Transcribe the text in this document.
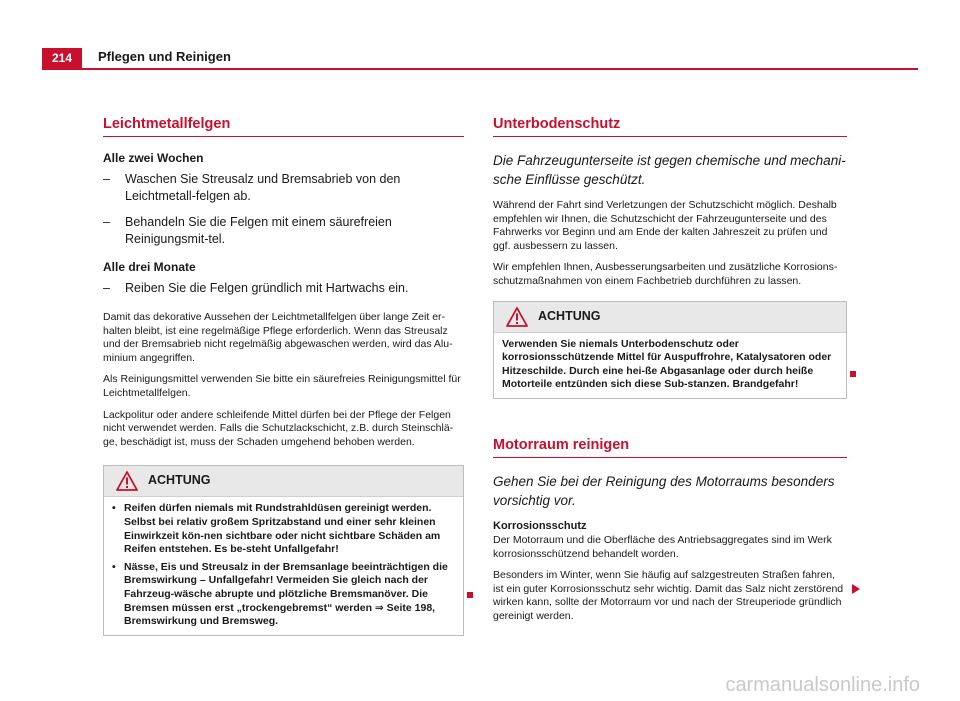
214	Pflegen und Reinigen
Leichtmetallfelgen
Alle zwei Wochen
– Waschen Sie Streusalz und Bremsabrieb von den Leichtmetall-felgen ab.
– Behandeln Sie die Felgen mit einem säurefreien Reinigungsmit-tel.
Alle drei Monate
– Reiben Sie die Felgen gründlich mit Hartwachs ein.
Damit das dekorative Aussehen der Leichtmetallfelgen über lange Zeit er-halten bleibt, ist eine regelmäßige Pflege erforderlich. Wenn das Streusalz und der Bremsabrieb nicht regelmäßig abgewaschen werden, wird das Alu-minium angegriffen.
Als Reinigungsmittel verwenden Sie bitte ein säurefreies Reinigungsmittel für Leichtmetallfelgen.
Lackpolitur oder andere schleifende Mittel dürfen bei der Pflege der Felgen nicht verwendet werden. Falls die Schutzlackschicht, z.B. durch Steinschlä-ge, beschädigt ist, muss der Schaden umgehend behoben werden.
ACHTUNG
• Reifen dürfen niemals mit Rundstrahldüsen gereinigt werden. Selbst bei relativ großem Spritzabstand und einer sehr kleinen Einwirkzeit kön-nen sichtbare oder nicht sichtbare Schäden am Reifen entstehen. Es be-steht Unfallgefahr!
• Nässe, Eis und Streusalz in der Bremsanlage beeinträchtigen die Bremswirkung – Unfallgefahr! Vermeiden Sie gleich nach der Fahrzeug-wäsche abrupte und plötzliche Bremsmanöver. Die Bremsen müssen erst „trockengebremst“ werden ⇒ Seite 198, Bremswirkung und Bremsweg.
Unterbodenschutz
Die Fahrzeugunterseite ist gegen chemische und mechani-sche Einflüsse geschützt.
Während der Fahrt sind Verletzungen der Schutzschicht möglich. Deshalb empfehlen wir Ihnen, die Schutzschicht der Fahrzeugunterseite und des Fahrwerks vor Beginn und am Ende der kalten Jahreszeit zu prüfen und ggf. ausbessern zu lassen.
Wir empfehlen Ihnen, Ausbesserungsarbeiten und zusätzliche Korrosions-schutzmaßnahmen von einem Fachbetrieb durchführen zu lassen.
ACHTUNG
Verwenden Sie niemals Unterbodenschutz oder korrosionsschützende Mittel für Auspuffrohre, Katalysatoren oder Hitzeschilde. Durch eine hei-ße Abgasanlage oder durch heiße Motorteile entzünden sich diese Sub-stanzen. Brandgefahr!
Motorraum reinigen
Gehen Sie bei der Reinigung des Motorraums besonders vorsichtig vor.
Korrosionsschutz
Der Motorraum und die Oberfläche des Antriebsaggregates sind im Werk korrosionsschützend behandelt worden.
Besonders im Winter, wenn Sie häufig auf salzgestreuten Straßen fahren, ist ein guter Korrosionsschutz sehr wichtig. Damit das Salz nicht zerstörend wirken kann, sollte der Motorraum vor und nach der Streuperiode gründlich gereinigt werden.
carmanualsonline.info
